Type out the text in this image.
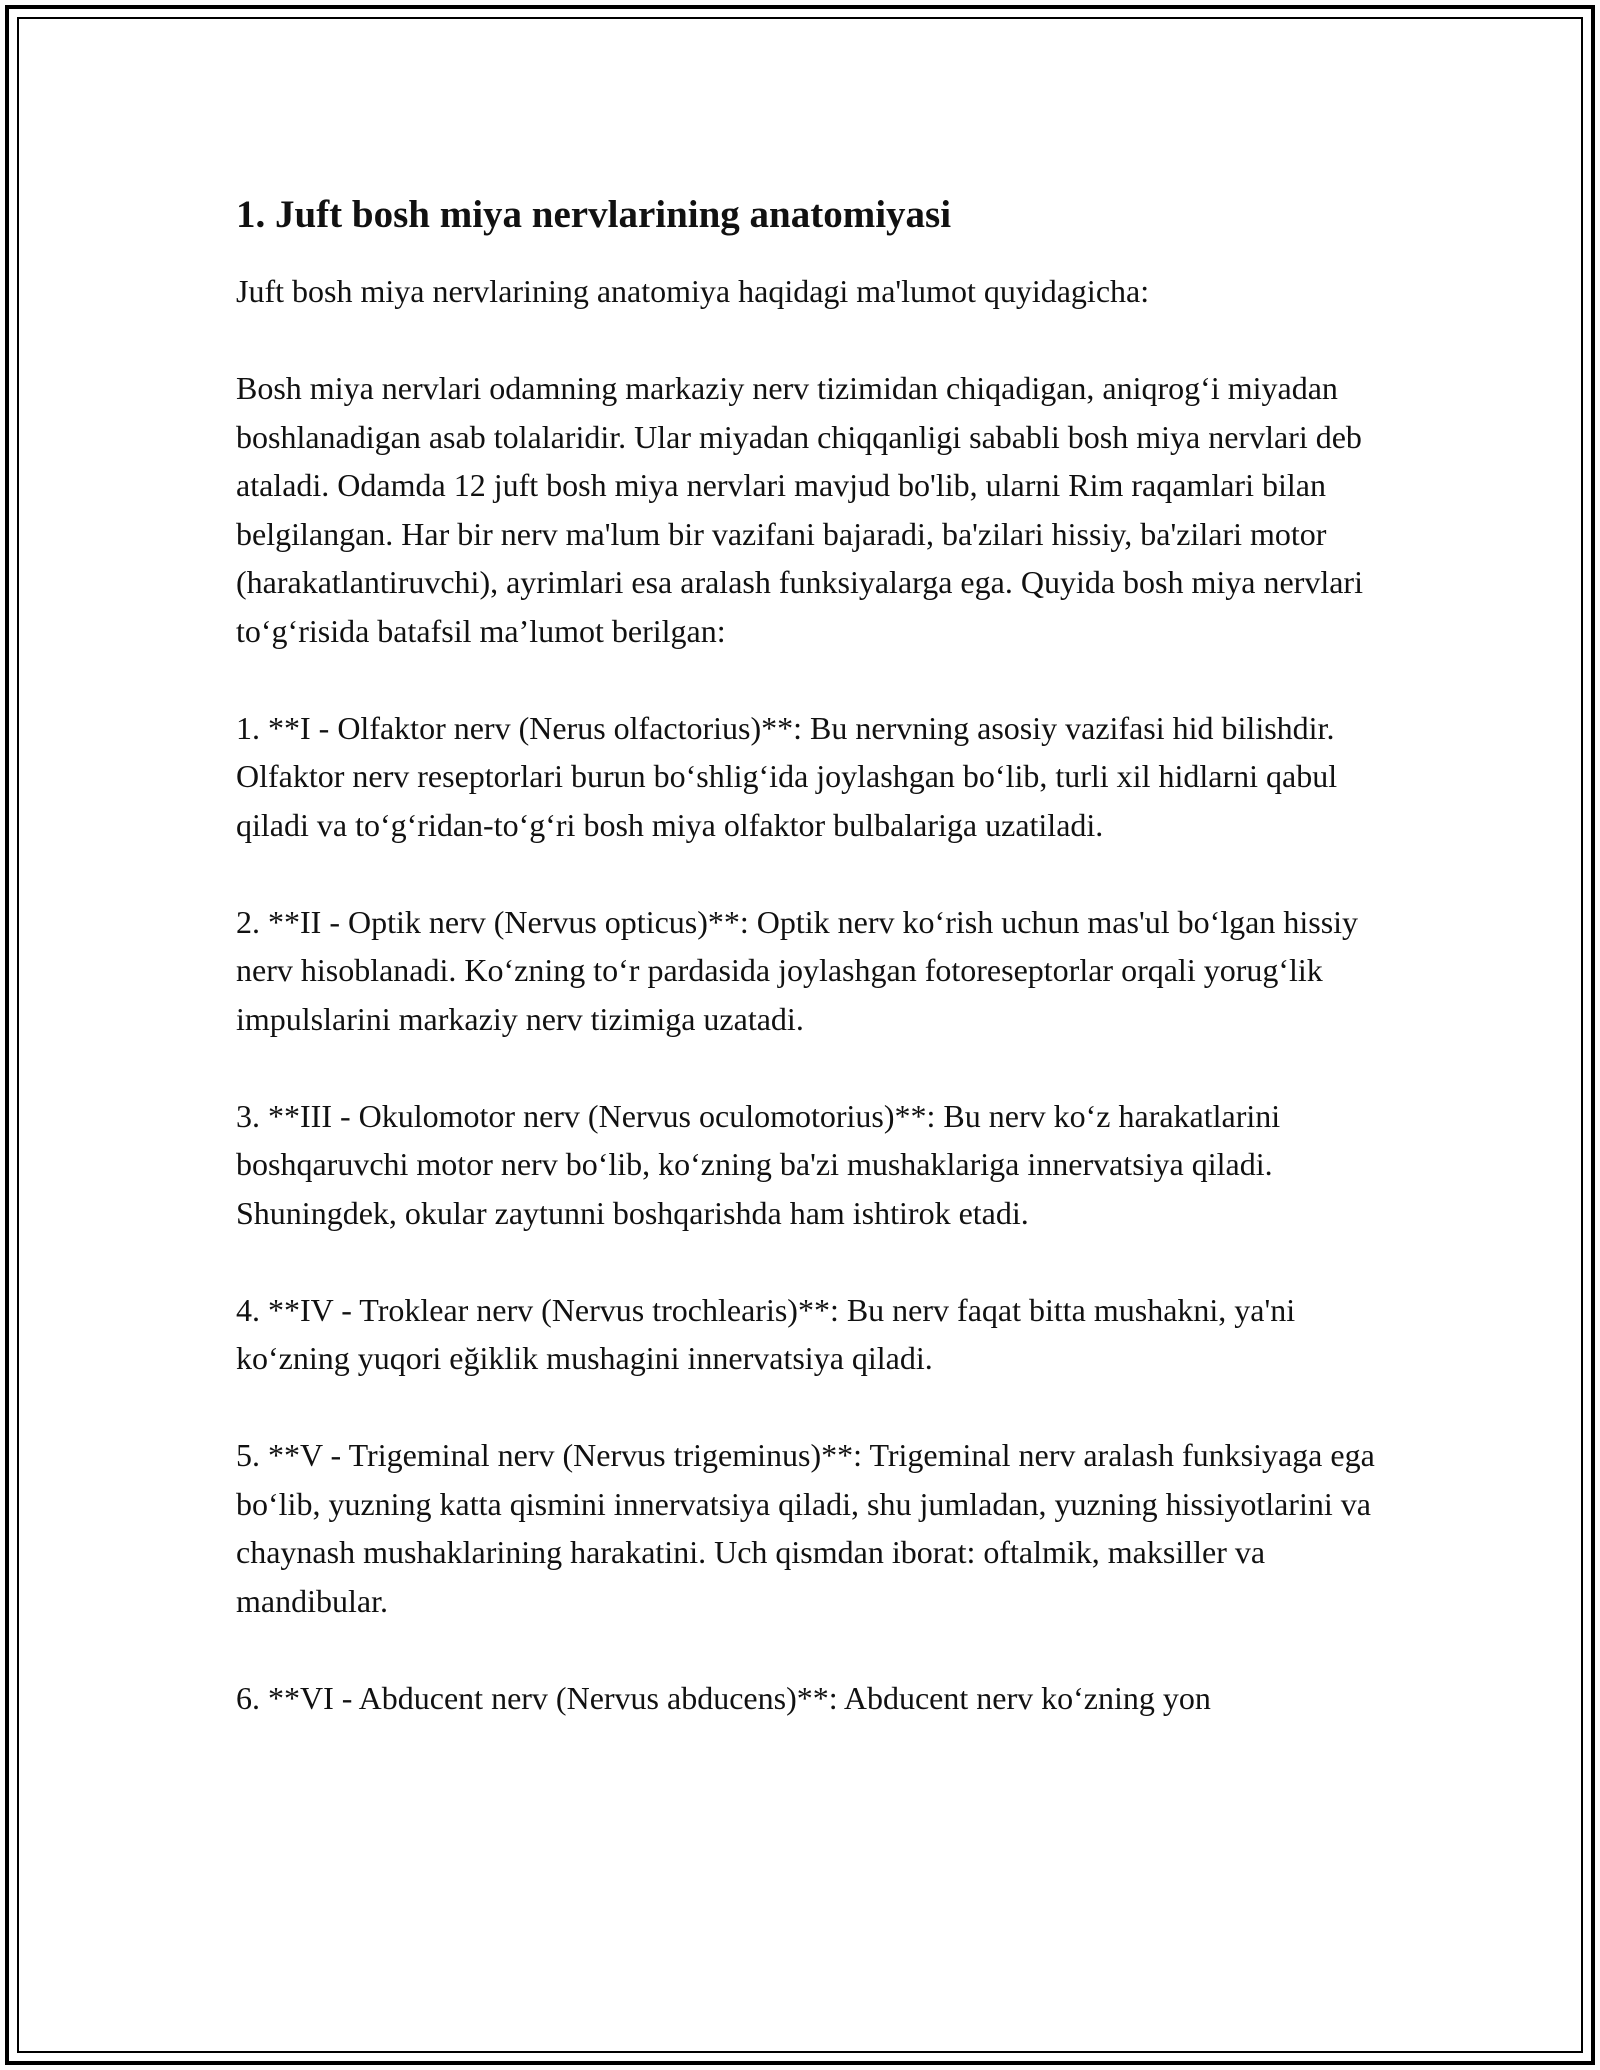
1. Juft bosh miya nervlarining anatomiyasi

Juft bosh miya nervlarining anatomiya haqidagi ma'lumot quyidagicha:

Bosh miya nervlari odamning markaziy nerv tizimidan chiqadigan, aniqrog‘i miyadan boshlanadigan asab tolalaridir. Ular miyadan chiqqanligi sababli bosh miya nervlari deb ataladi. Odamda 12 juft bosh miya nervlari mavjud bo'lib, ularni Rim raqamlari bilan belgilangan. Har bir nerv ma'lum bir vazifani bajaradi, ba'zilari hissiy, ba'zilari motor (harakatlantiruvchi), ayrimlari esa aralash funksiyalarga ega. Quyida bosh miya nervlari to‘g‘risida batafsil ma’lumot berilgan:

1. **I - Olfaktor nerv (Nerus olfactorius)**: Bu nervning asosiy vazifasi hid bilishdir. Olfaktor nerv reseptorlari burun bo‘shlig‘ida joylashgan bo‘lib, turli xil hidlarni qabul qiladi va to‘g‘ridan-to‘g‘ri bosh miya olfaktor bulbalariga uzatiladi.

2. **II - Optik nerv (Nervus opticus)**: Optik nerv ko‘rish uchun mas'ul bo‘lgan hissiy nerv hisoblanadi. Ko‘zning to‘r pardasida joylashgan fotoreseptorlar orqali yorug‘lik impulslarini markaziy nerv tizimiga uzatadi.

3. **III - Okulomotor nerv (Nervus oculomotorius)**: Bu nerv ko‘z harakatlarini boshqaruvchi motor nerv bo‘lib, ko‘zning ba'zi mushaklariga innervatsiya qiladi. Shuningdek, okular zaytunni boshqarishda ham ishtirok etadi.

4. **IV - Troklear nerv (Nervus trochlearis)**: Bu nerv faqat bitta mushakni, ya'ni ko‘zning yuqori eğiklik mushagini innervatsiya qiladi.

5. **V - Trigeminal nerv (Nervus trigeminus)**: Trigeminal nerv aralash funksiyaga ega bo‘lib, yuzning katta qismini innervatsiya qiladi, shu jumladan, yuzning hissiyotlarini va chaynash mushaklarining harakatini. Uch qismdan iborat: oftalmik, maksiller va mandibular.

6. **VI - Abducent nerv (Nervus abducens)**: Abducent nerv ko‘zning yon
